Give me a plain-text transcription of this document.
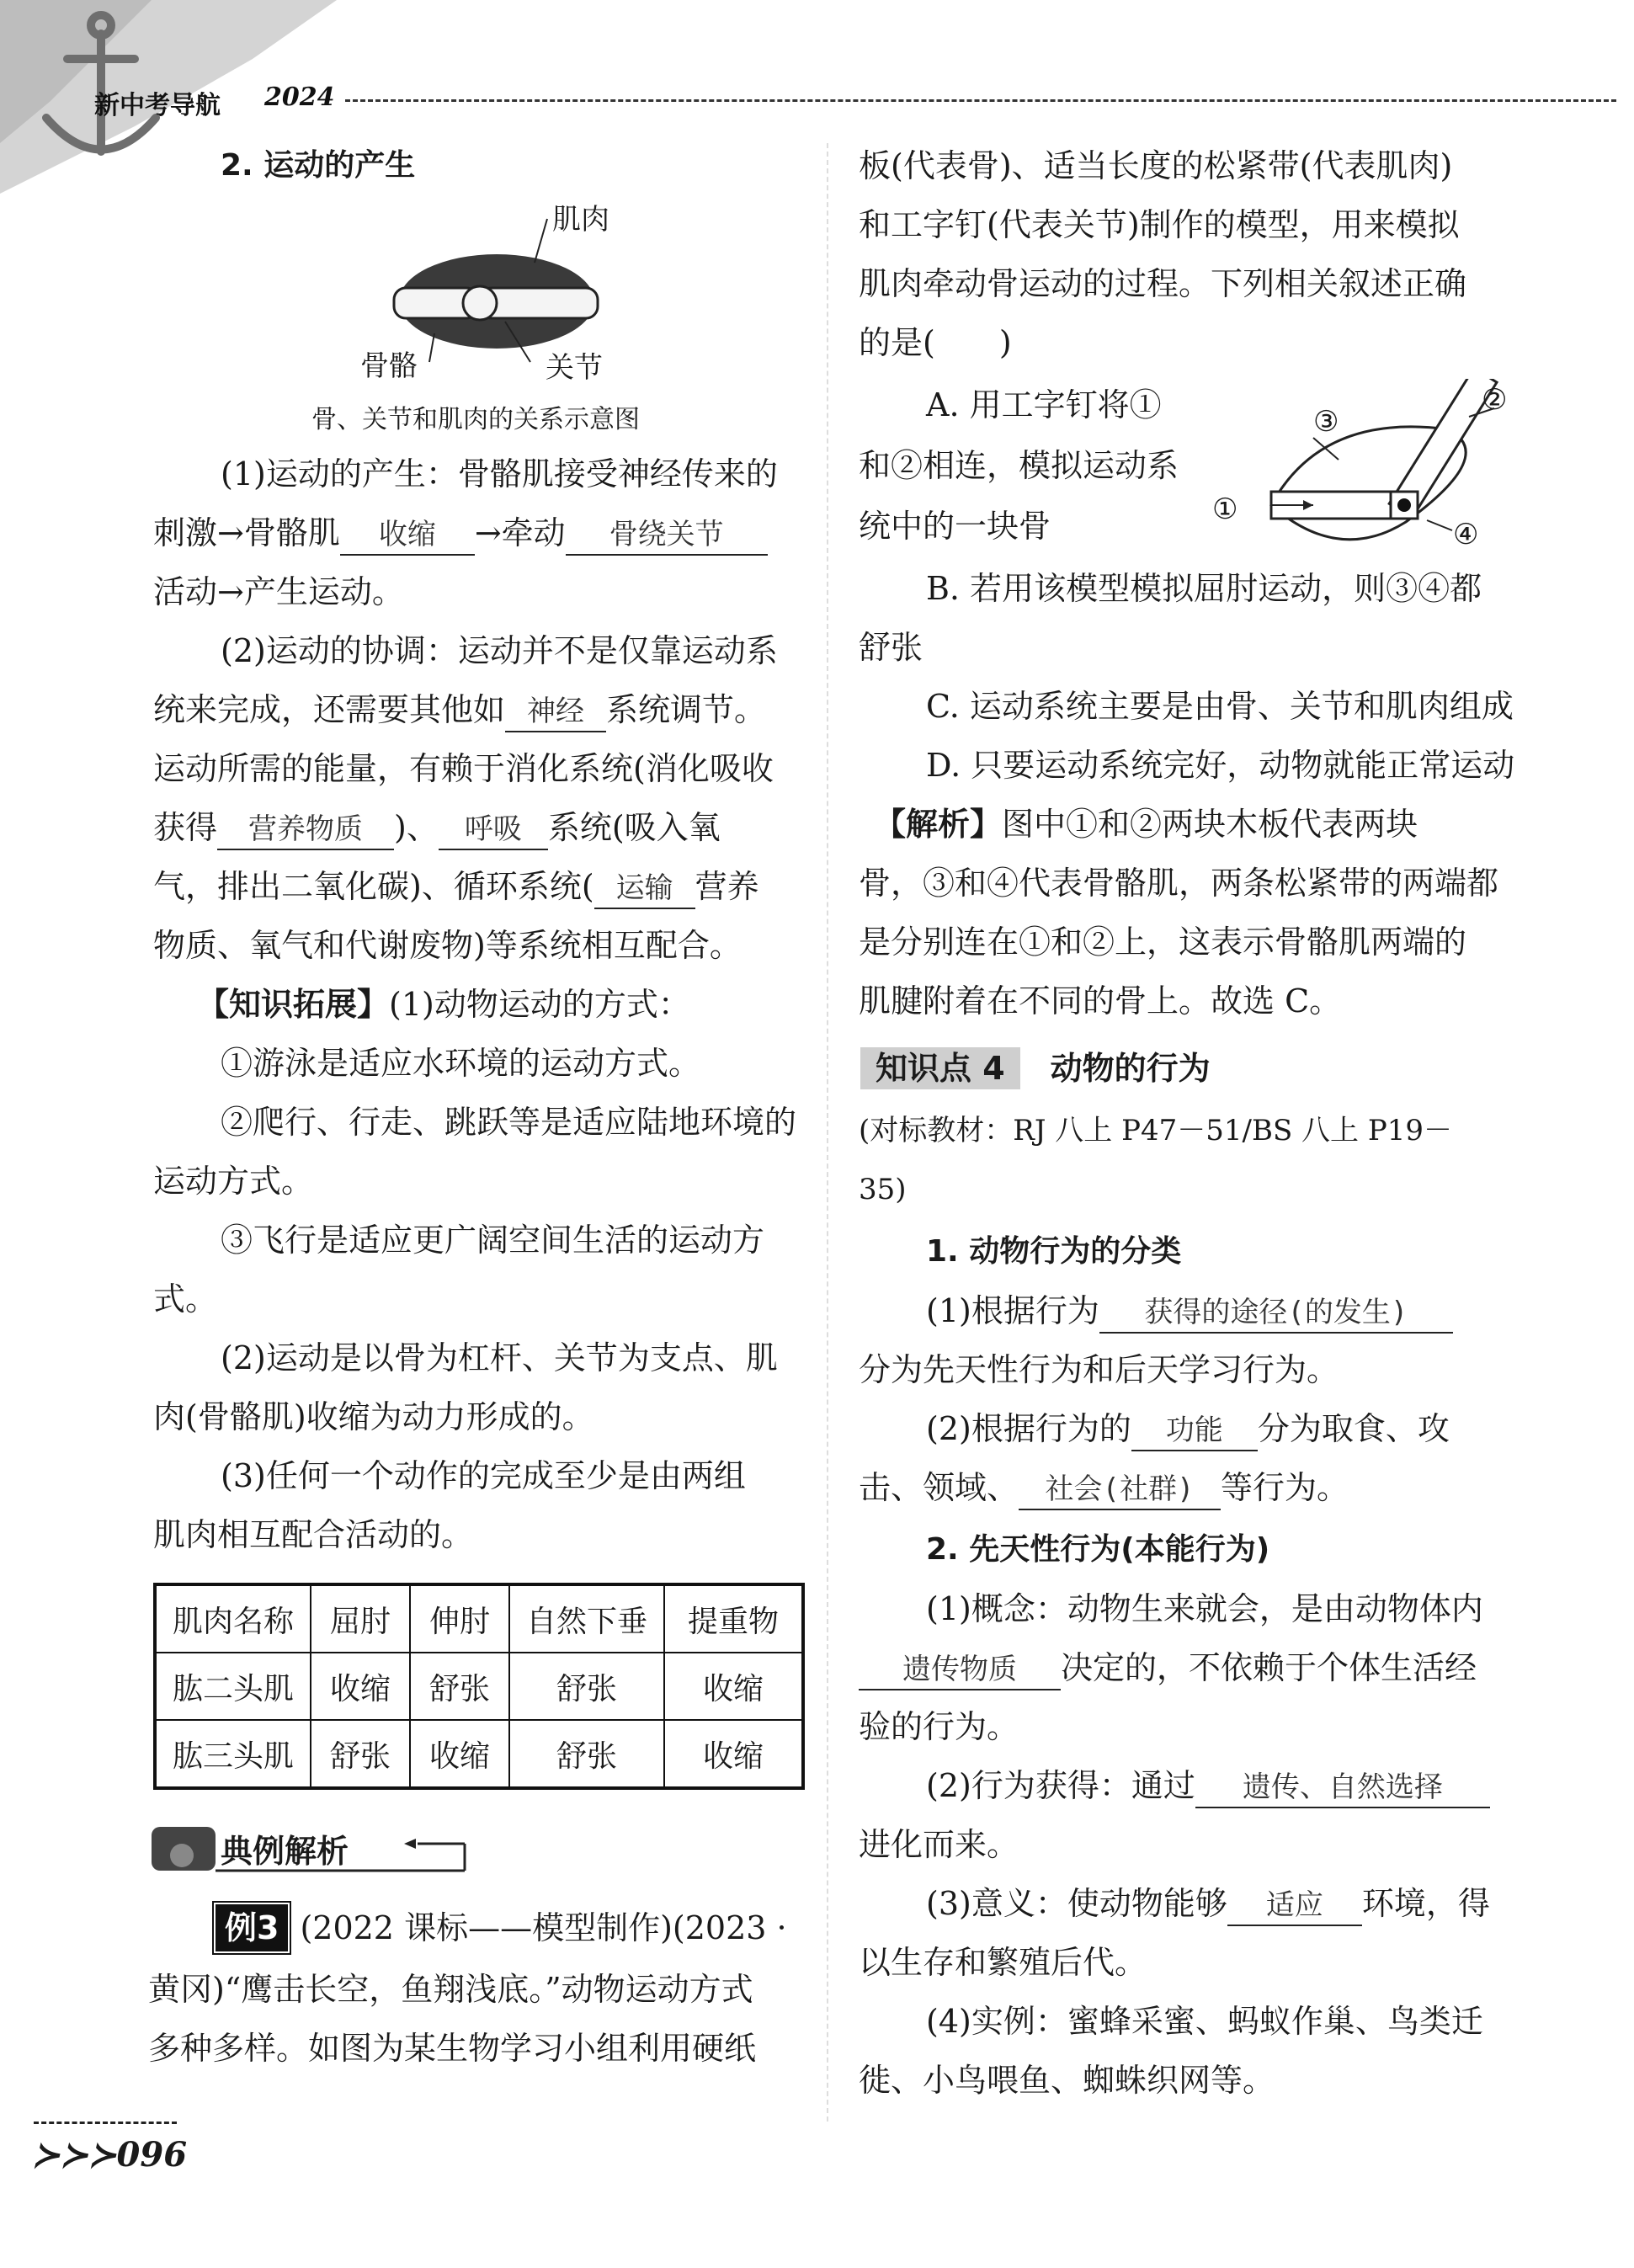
新中考导航 2024
2. 运动的产生
肌肉
骨骼	关节
骨、关节和肌肉的关系示意图
(1)运动的产生：骨骼肌接受神经传来的
刺激→骨骼肌 收缩 →牵动 骨绕关节
活动→产生运动。
(2)运动的协调：运动并不是仅靠运动系
统来完成，还需要其他如 神经 系统调节。
运动所需的能量，有赖于消化系统(消化吸收
获得 营养物质 )、 呼吸 系统(吸入氧
气，排出二氧化碳)、循环系统( 运输 营养
物质、氧气和代谢废物)等系统相互配合。
【知识拓展】(1)动物运动的方式：
①游泳是适应水环境的运动方式。
②爬行、行走、跳跃等是适应陆地环境的
运动方式。
③飞行是适应更广阔空间生活的运动方
式。
(2)运动是以骨为杠杆、关节为支点、肌
肉(骨骼肌)收缩为动力形成的。
(3)任何一个动作的完成至少是由两组
肌肉相互配合活动的。
肌肉名称	屈肘	伸肘	自然下垂	提重物
肱二头肌	收缩	舒张	舒张	收缩
肱三头肌	舒张	收缩	舒张	收缩
典例解析
例3 (2022 课标——模型制作)(2023 ·
黄冈)“鹰击长空，鱼翔浅底。”动物运动方式
多种多样。如图为某生物学习小组利用硬纸
板(代表骨)、适当长度的松紧带(代表肌肉)
和工字钉(代表关节)制作的模型，用来模拟
肌肉牵动骨运动的过程。下列相关叙述正确
的是(　　)
A. 用工字钉将①
和②相连，模拟运动系
统中的一块骨	①
②
③
④
B. 若用该模型模拟屈肘运动，则③④都
舒张
C. 运动系统主要是由骨、关节和肌肉组成
D. 只要运动系统完好，动物就能正常运动
【解析】图中①和②两块木板代表两块
骨，③和④代表骨骼肌，两条松紧带的两端都
是分别连在①和②上，这表示骨骼肌两端的
肌腱附着在不同的骨上。故选 C。
知识点 4 动物的行为
(对标教材：RJ 八上 P47－51/BS 八上 P19－
35)
1. 动物行为的分类
(1)根据行为 获得的途径(的发生)
分为先天性行为和后天学习行为。
(2)根据行为的 功能 分为取食、攻
击、领域、 社会(社群) 等行为。
2. 先天性行为(本能行为)
(1)概念：动物生来就会，是由动物体内
遗传物质 决定的，不依赖于个体生活经
验的行为。
(2)行为获得：通过 遗传、自然选择
进化而来。
(3)意义：使动物能够 适应 环境，得
以生存和繁殖后代。
(4)实例：蜜蜂采蜜、蚂蚁作巢、鸟类迁
徙、小鸟喂鱼、蜘蛛织网等。
≻≻≻096
